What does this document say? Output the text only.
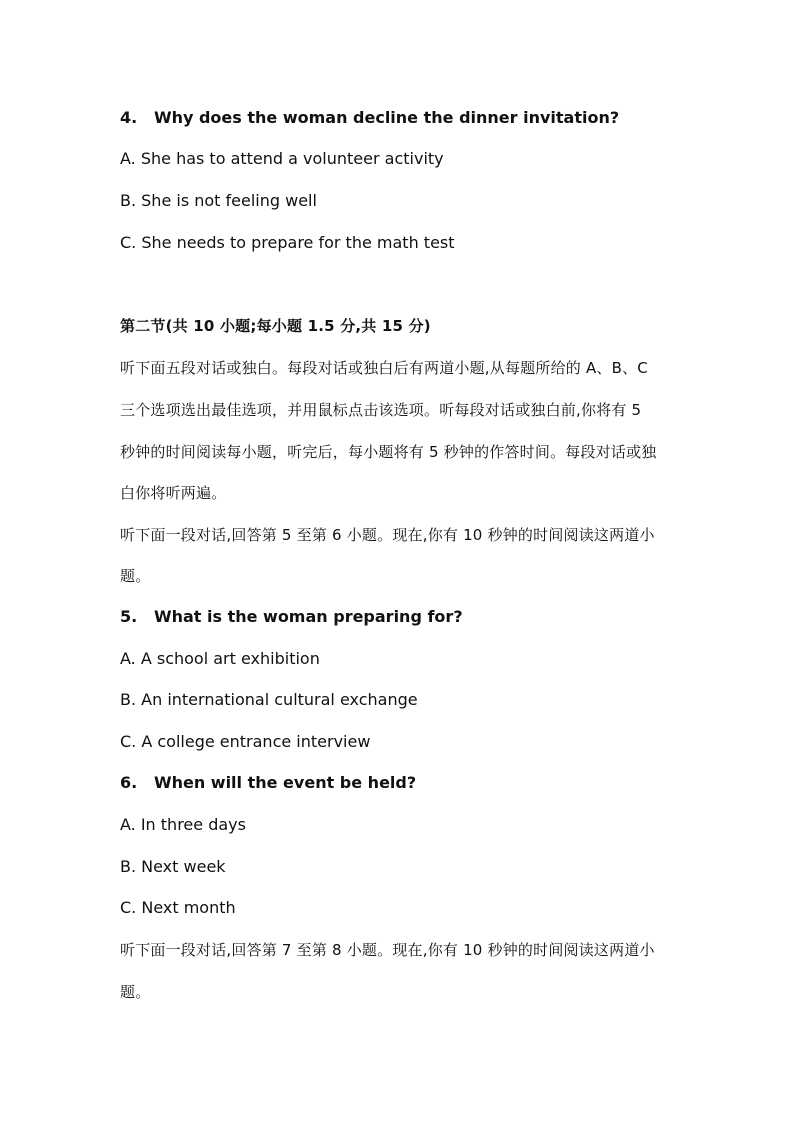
4. Why does the woman decline the dinner invitation?
A. She has to attend a volunteer activity
B. She is not feeling well
C. She needs to prepare for the math test
第二节(共 10 小题;每小题 1.5 分,共 15 分)
听下面五段对话或独白。每段对话或独白后有两道小题,从每题所给的 A、B、C
三个选项选出最佳选项，并用鼠标点击该选项。听每段对话或独白前,你将有 5
秒钟的时间阅读每小题，听完后，每小题将有 5 秒钟的作答时间。每段对话或独
白你将听两遍。
听下面一段对话,回答第 5 至第 6 小题。现在,你有 10 秒钟的时间阅读这两道小
题。
5. What is the woman preparing for?
A. A school art exhibition
B. An international cultural exchange
C. A college entrance interview
6. When will the event be held?
A. In three days
B. Next week
C. Next month
听下面一段对话,回答第 7 至第 8 小题。现在,你有 10 秒钟的时间阅读这两道小
题。
